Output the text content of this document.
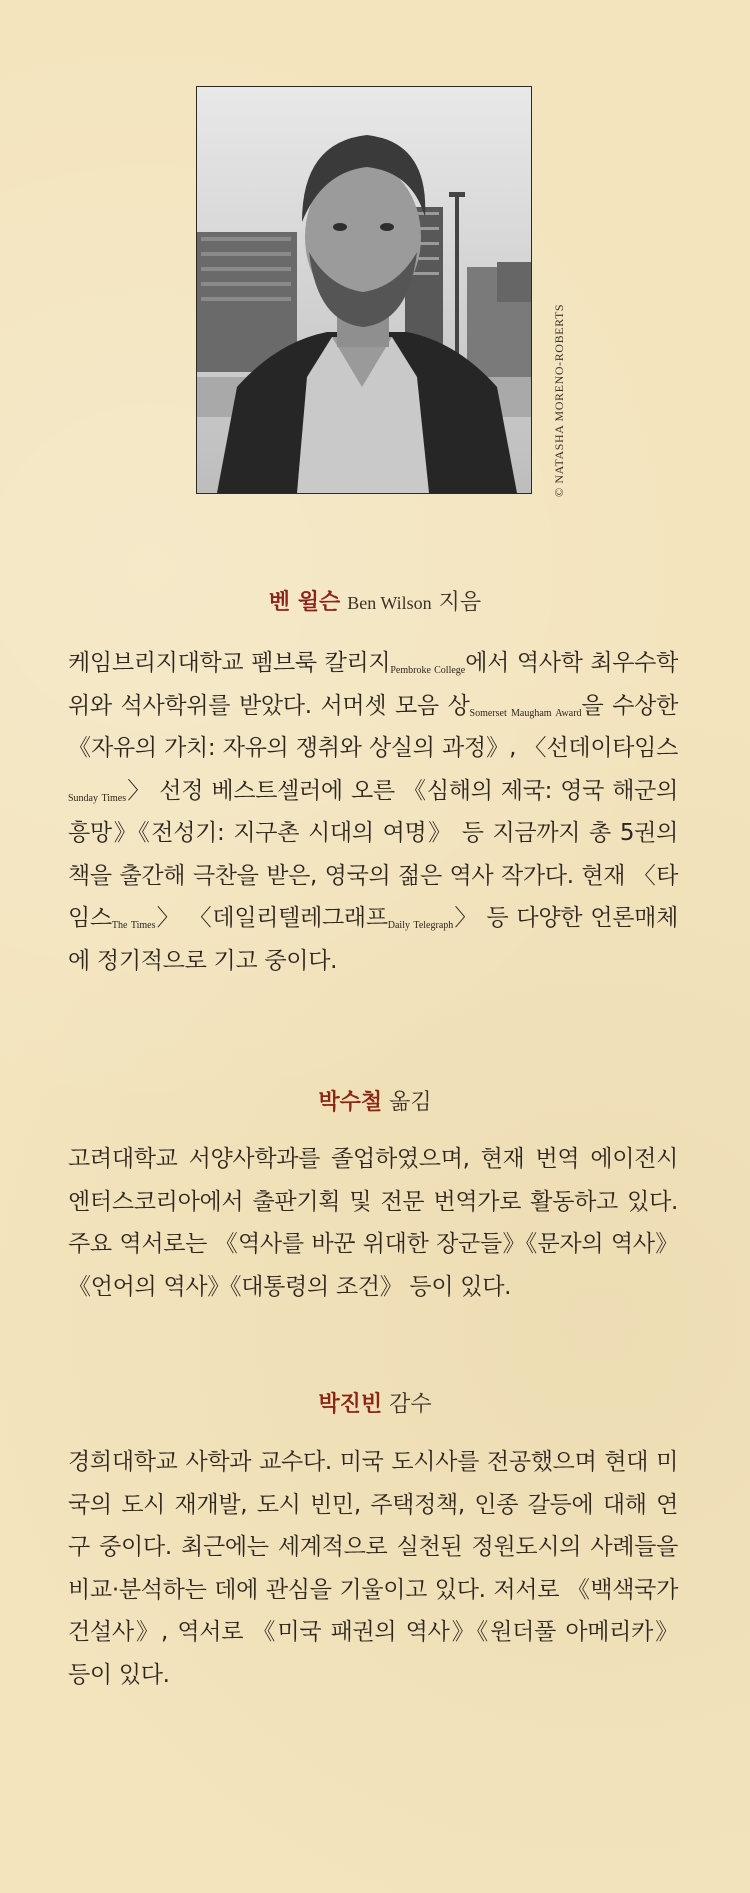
© NATASHA MORENO-ROBERTS
벤 윌슨 Ben Wilson 지음
케임브리지대학교 펨브룩 칼리지$_{Pembroke College}$에서 역사학 최우수학위와 석사학위를 받았다. 서머셋 모음 상$_{Somerset Maugham Award}$을 수상한 《자유의 가치: 자유의 쟁취와 상실의 과정》, 〈선데이타임스$_{Sunday Times}$〉 선정 베스트셀러에 오른 《심해의 제국: 영국 해군의 흥망》《전성기: 지구촌 시대의 여명》 등 지금까지 총 5권의 책을 출간해 극찬을 받은, 영국의 젊은 역사 작가다. 현재 〈타임스$_{The Times}$〉 〈데일리텔레그래프$_{Daily Telegraph}$〉 등 다양한 언론매체에 정기적으로 기고 중이다.
박수철 옮김
고려대학교 서양사학과를 졸업하였으며, 현재 번역 에이전시 엔터스코리아에서 출판기획 및 전문 번역가로 활동하고 있다. 주요 역서로는 《역사를 바꾼 위대한 장군들》《문자의 역사》《언어의 역사》《대통령의 조건》 등이 있다.
박진빈 감수
경희대학교 사학과 교수다. 미국 도시사를 전공했으며 현대 미국의 도시 재개발, 도시 빈민, 주택정책, 인종 갈등에 대해 연구 중이다. 최근에는 세계적으로 실천된 정원도시의 사례들을 비교·분석하는 데에 관심을 기울이고 있다. 저서로 《백색국가 건설사》, 역서로 《미국 패권의 역사》《원더풀 아메리카》 등이 있다.
